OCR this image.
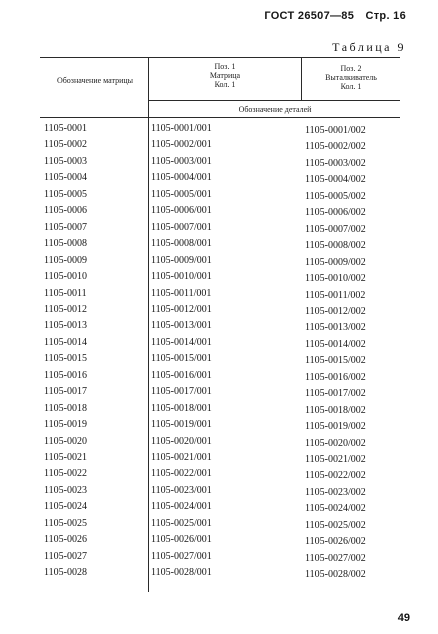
ГОСТ 26507—85 Стр. 16
Таблица 9
Обозначение матрицы
Поз. 1
Матрица
Кол. 1
Поз. 2
Выталкиватель
Кол. 1
Обозначение деталей
1105-0001	1105-0001/001	1105-0001/002
1105-0002	1105-0002/001	1105-0002/002
1105-0003	1105-0003/001	1105-0003/002
1105-0004	1105-0004/001	1105-0004/002
1105-0005	1105-0005/001	1105-0005/002
1105-0006	1105-0006/001	1105-0006/002
1105-0007	1105-0007/001	1105-0007/002
1105-0008	1105-0008/001	1105-0008/002
1105-0009	1105-0009/001	1105-0009/002
1105-0010	1105-0010/001	1105-0010/002
1105-0011	1105-0011/001	1105-0011/002
1105-0012	1105-0012/001	1105-0012/002
1105-0013	1105-0013/001	1105-0013/002
1105-0014	1105-0014/001	1105-0014/002
1105-0015	1105-0015/001	1105-0015/002
1105-0016	1105-0016/001	1105-0016/002
1105-0017	1105-0017/001	1105-0017/002
1105-0018	1105-0018/001	1105-0018/002
1105-0019	1105-0019/001	1105-0019/002
1105-0020	1105-0020/001	1105-0020/002
1105-0021	1105-0021/001	1105-0021/002
1105-0022	1105-0022/001	1105-0022/002
1105-0023	1105-0023/001	1105-0023/002
1105-0024	1105-0024/001	1105-0024/002
1105-0025	1105-0025/001	1105-0025/002
1105-0026	1105-0026/001	1105-0026/002
1105-0027	1105-0027/001	1105-0027/002
1105-0028	1105-0028/001	1105-0028/002
49
